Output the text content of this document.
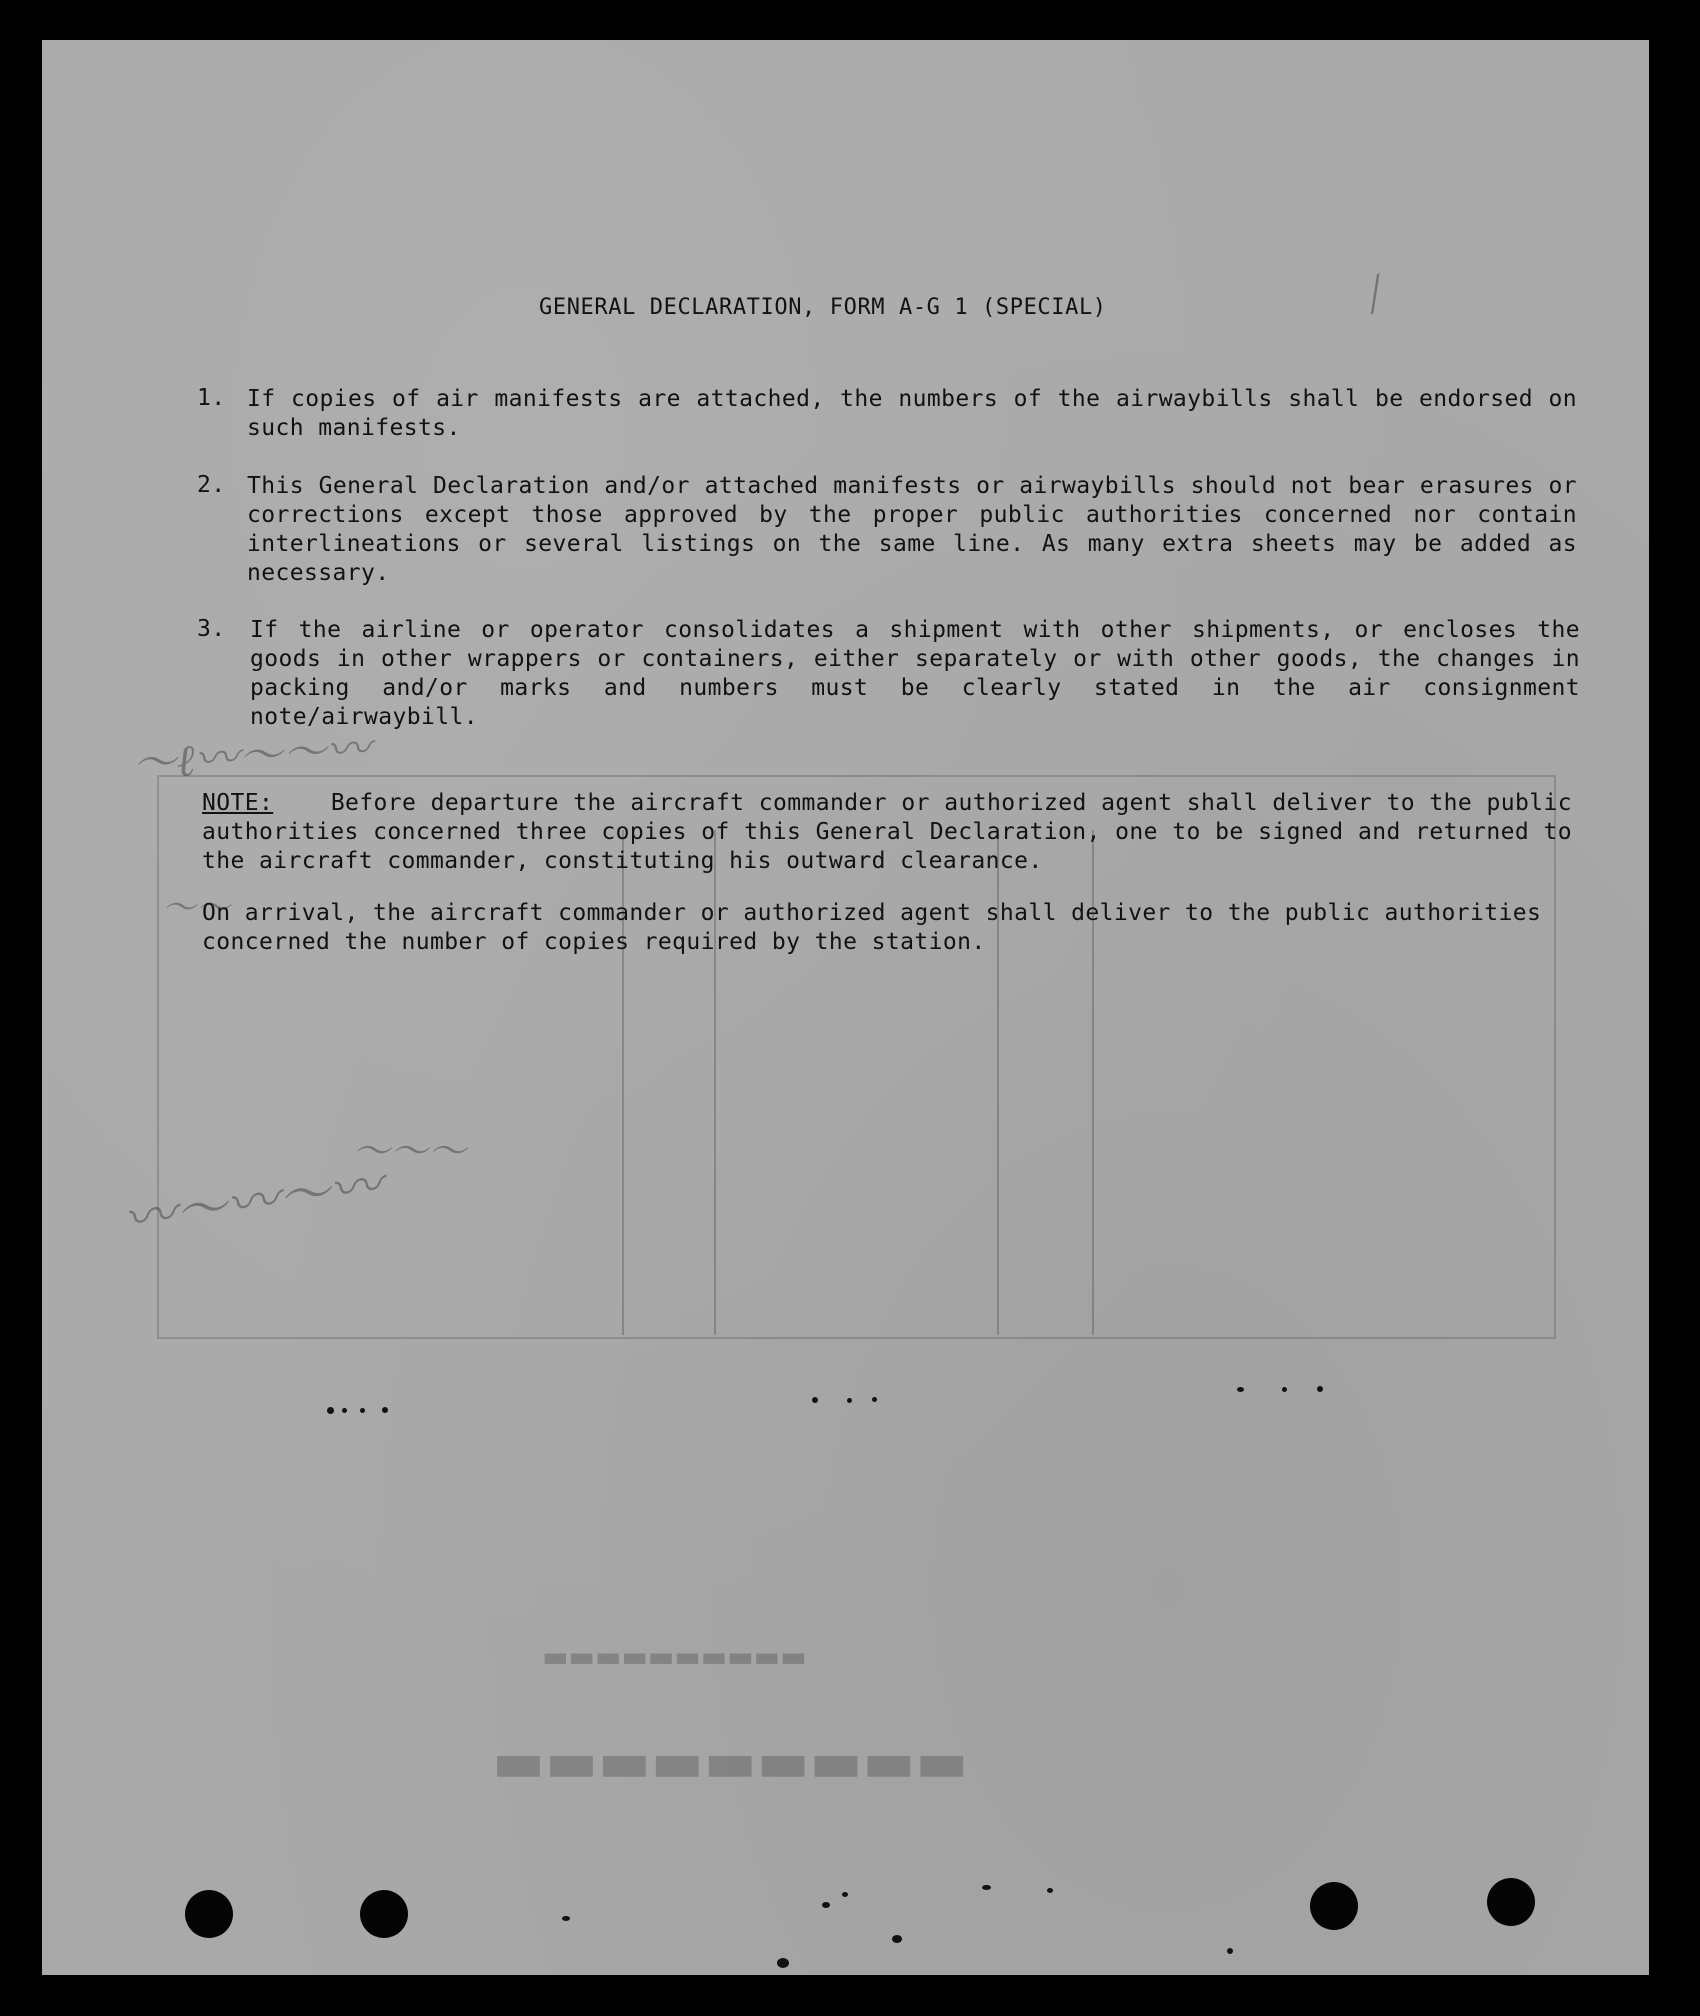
▬▬▬▬▬▬▬▬▬
▬▬▬▬▬▬▬▬▬▬
〜ℓ〰〜〜〰
〰〜〰〜〰
〜〜〜
〜〜
⁄
GENERAL DECLARATION, FORM A-G 1 (SPECIAL)
1. If copies of air manifests are attached, the numbers of the airwaybills shall be endorsed on such manifests.
2. This General Declaration and/or attached manifests or airwaybills should not bear erasures or corrections except those approved by the proper public authorities concerned nor contain interlineations or several listings on the same line. As many extra sheets may be added as necessary.
3. If the airline or operator consolidates a shipment with other shipments, or encloses the goods in other wrappers or containers, either separately or with other goods, the changes in packing and/or marks and numbers must be clearly stated in the air consignment note/airwaybill.
NOTE:	Before departure the aircraft commander or authorized agent shall deliver to the public authorities concerned three copies of this General Declaration, one to be signed and returned to the aircraft commander, constituting his outward clearance.
On arrival, the aircraft commander or authorized agent shall deliver to the public authorities concerned the number of copies required by the station.
